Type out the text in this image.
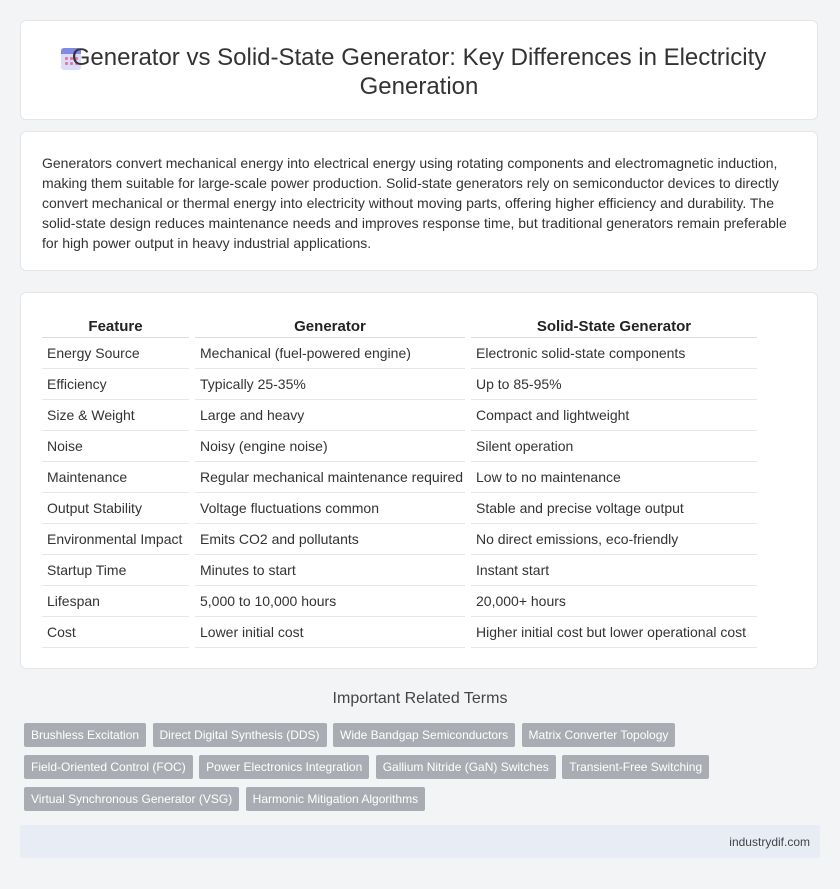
Generator vs Solid-State Generator: Key Differences in Electricity Generation

Generators convert mechanical energy into electrical energy using rotating components and electromagnetic induction, making them suitable for large-scale power production. Solid-state generators rely on semiconductor devices to directly convert mechanical or thermal energy into electricity without moving parts, offering higher efficiency and durability. The solid-state design reduces maintenance needs and improves response time, but traditional generators remain preferable for high power output in heavy industrial applications.

Feature	Generator	Solid-State Generator
Energy Source	Mechanical (fuel-powered engine)	Electronic solid-state components
Efficiency	Typically 25-35%	Up to 85-95%
Size & Weight	Large and heavy	Compact and lightweight
Noise	Noisy (engine noise)	Silent operation
Maintenance	Regular mechanical maintenance required	Low to no maintenance
Output Stability	Voltage fluctuations common	Stable and precise voltage output
Environmental Impact	Emits CO2 and pollutants	No direct emissions, eco-friendly
Startup Time	Minutes to start	Instant start
Lifespan	5,000 to 10,000 hours	20,000+ hours
Cost	Lower initial cost	Higher initial cost but lower operational cost
Important Related Terms
Brushless Excitation Direct Digital Synthesis (DDS) Wide Bandgap Semiconductors Matrix Converter Topology Field-Oriented Control (FOC) Power Electronics Integration Gallium Nitride (GaN) Switches Transient-Free Switching Virtual Synchronous Generator (VSG) Harmonic Mitigation Algorithms
industrydif.com
